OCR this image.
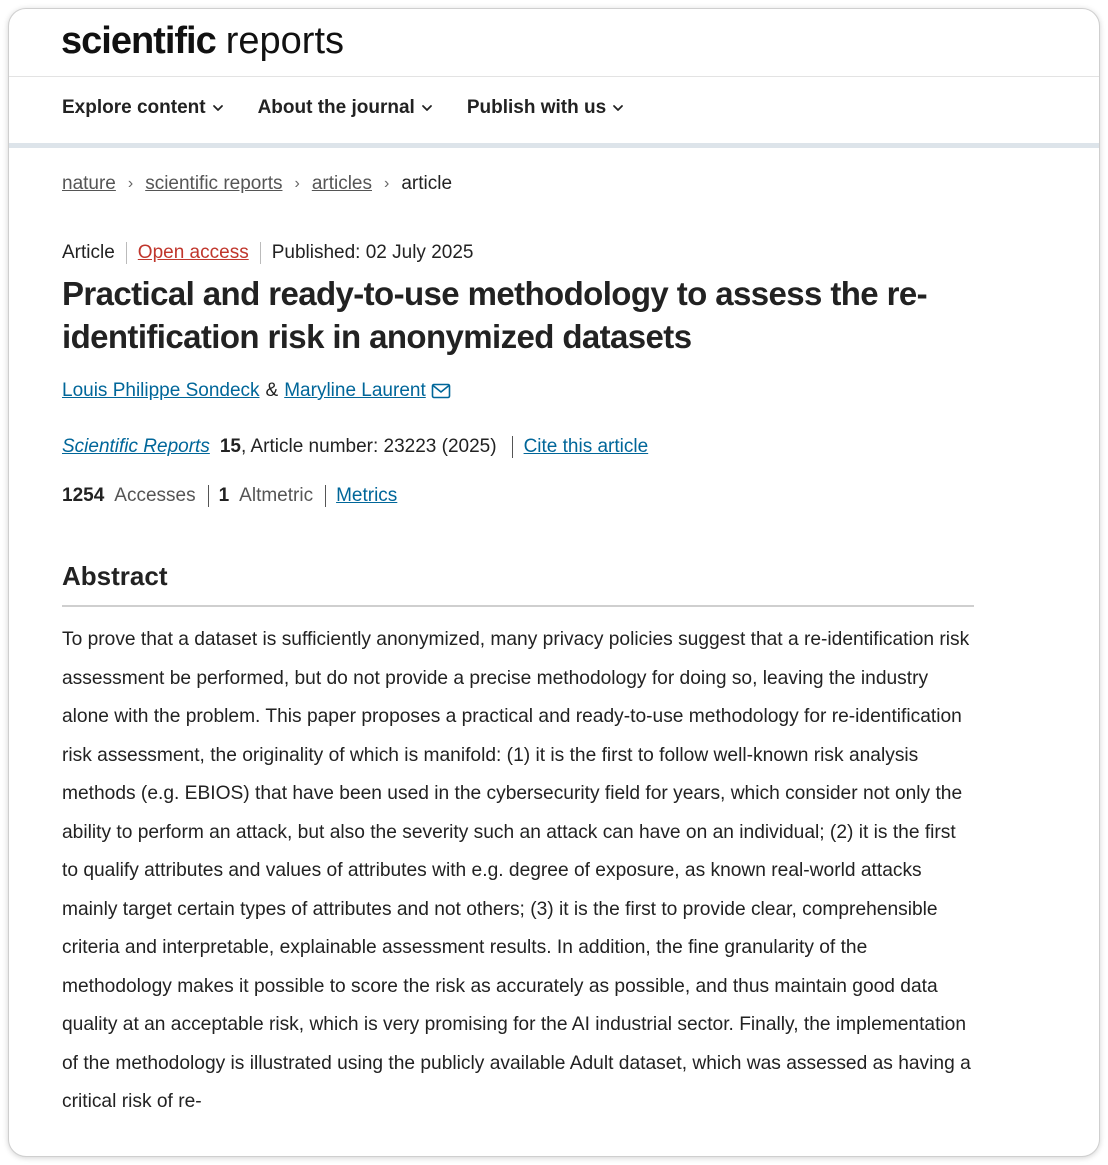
scientific reports
Explore content	About the journal	Publish with us
nature › scientific reports › articles › article
Article Open access Published: 02 July 2025
Practical and ready-to-use methodology to assess the re-identification risk in anonymized datasets
Louis Philippe Sondeck & Maryline Laurent
Scientific Reports 15 , Article number: 23223 (2025) Cite this article
1254 Accesses 1 Altmetric Metrics
Abstract

To prove that a dataset is sufficiently anonymized, many privacy policies suggest that a re-identification risk assessment be performed, but do not provide a precise methodology for doing so, leaving the industry alone with the problem. This paper proposes a practical and ready-to-use methodology for re-identification risk assessment, the originality of which is manifold: (1) it is the first to follow well-known risk analysis methods (e.g. EBIOS) that have been used in the cybersecurity field for years, which consider not only the ability to perform an attack, but also the severity such an attack can have on an individual; (2) it is the first to qualify attributes and values of attributes with e.g. degree of exposure, as known real-world attacks mainly target certain types of attributes and not others; (3) it is the first to provide clear, comprehensible criteria and interpretable, explainable assessment results. In addition, the fine granularity of the methodology makes it possible to score the risk as accurately as possible, and thus maintain good data quality at an acceptable risk, which is very promising for the AI industrial sector. Finally, the implementation of the methodology is illustrated using the publicly available Adult dataset, which was assessed as having a critical risk of re-
